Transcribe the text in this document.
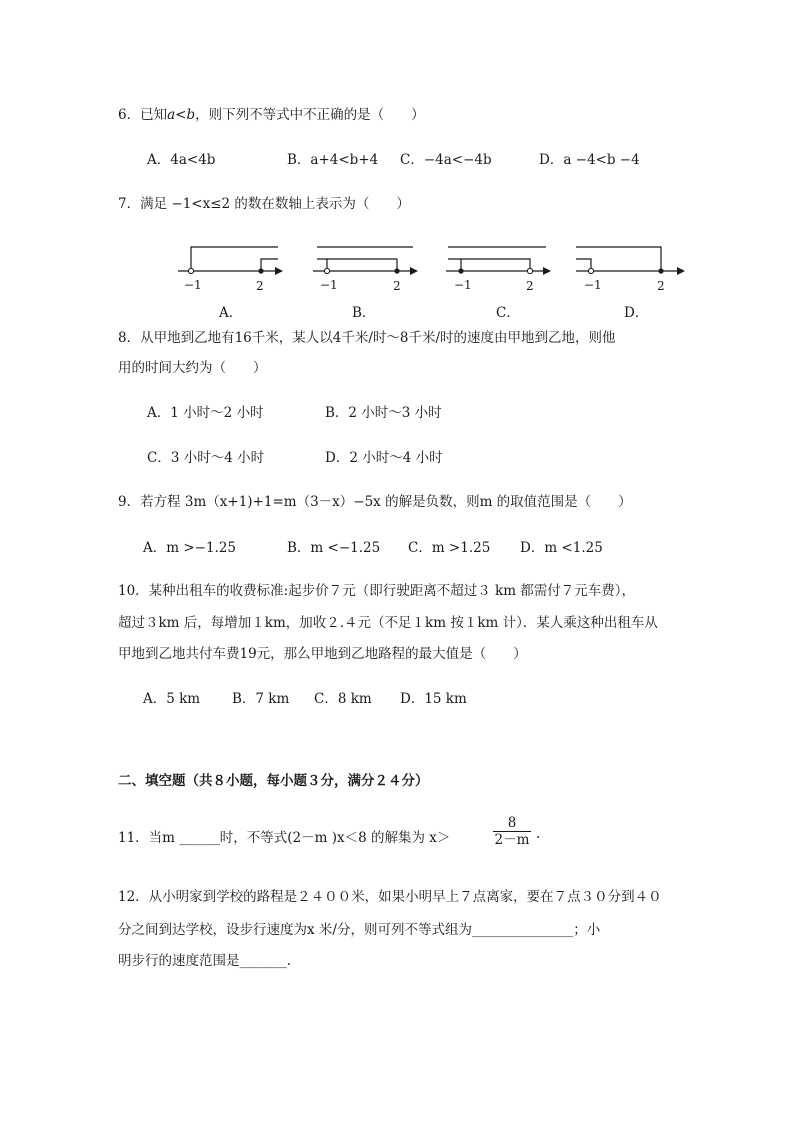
6．已知a<b，则下列不等式中不正确的是（　　）
A．4a<4b	B．a+4<b+4 C．−4a<−4b	D．a −4<b −4
7．满足 −1<x≤2 的数在数轴上表示为（　　）
−1	2	−1	2	−1	2	−1	2
A．	B．	C．	D．
8．从甲地到乙地有16千米，某人以4千米/时～8千米/时的速度由甲地到乙地，则他
用的时间大约为（　　）
A．1 小时～2 小时	B．2 小时～3 小时
C．3 小时～4 小时	D．2 小时～4 小时
9．若方程 3m（x+1)+1=m（3－x）−5x 的解是负数，则m 的取值范围是（　　）
A．m >−1.25	B．m <−1.25 C．m >1.25 D．m <1.25
10．某种出租车的收费标准:起步价７元（即行驶距离不超过３ km 都需付７元车费），
超过３km 后，每增加１km，加收２.４元（不足１km 按１km 计）．某人乘这种出租车从
甲地到乙地共付车费19元，那么甲地到乙地路程的最大值是（　　）
A．5 km B．7 km C．8 km D．15 km
二、填空题（共８小题，每小题３分，满分２４分）
11．当m ______时，不等式(2－m )x＜8 的解集为 x＞
8
2－m .
12．从小明家到学校的路程是２４００米，如果小明早上７点离家，要在７点３０分到４０
分之间到达学校，设步行速度为x 米/分，则可列不等式组为_______________；小
明步行的速度范围是_______.
